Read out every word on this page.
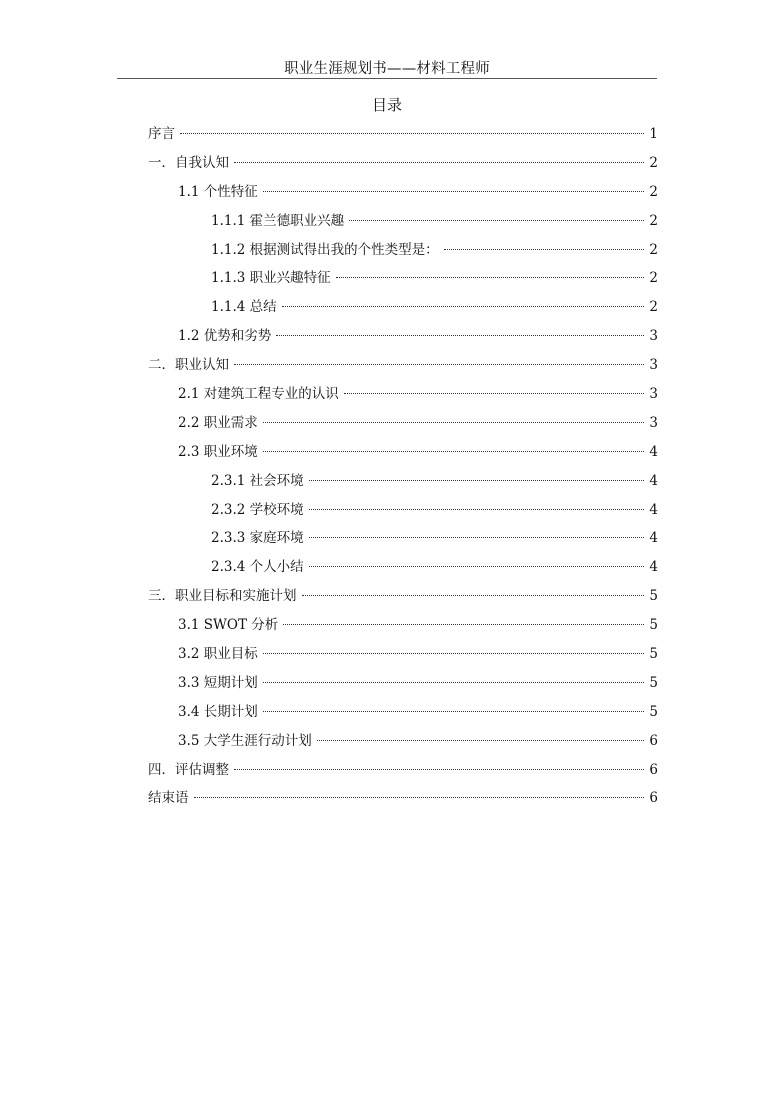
职业生涯规划书——材料工程师
目录
序言	1
一．自我认知	2
1.1 个性特征	2
1.1.1 霍兰德职业兴趣	2
1.1.2 根据测试得出我的个性类型是：	2
1.1.3 职业兴趣特征	2
1.1.4 总结	2
1.2 优势和劣势	3
二．职业认知	3
2.1 对建筑工程专业的认识	3
2.2 职业需求	3
2.3 职业环境	4
2.3.1 社会环境	4
2.3.2 学校环境	4
2.3.3 家庭环境	4
2.3.4 个人小结	4
三．职业目标和实施计划	5
3.1 SWOT 分析	5
3.2 职业目标	5
3.3 短期计划	5
3.4 长期计划	5
3.5 大学生涯行动计划	6
四．评估调整	6
结束语	6
